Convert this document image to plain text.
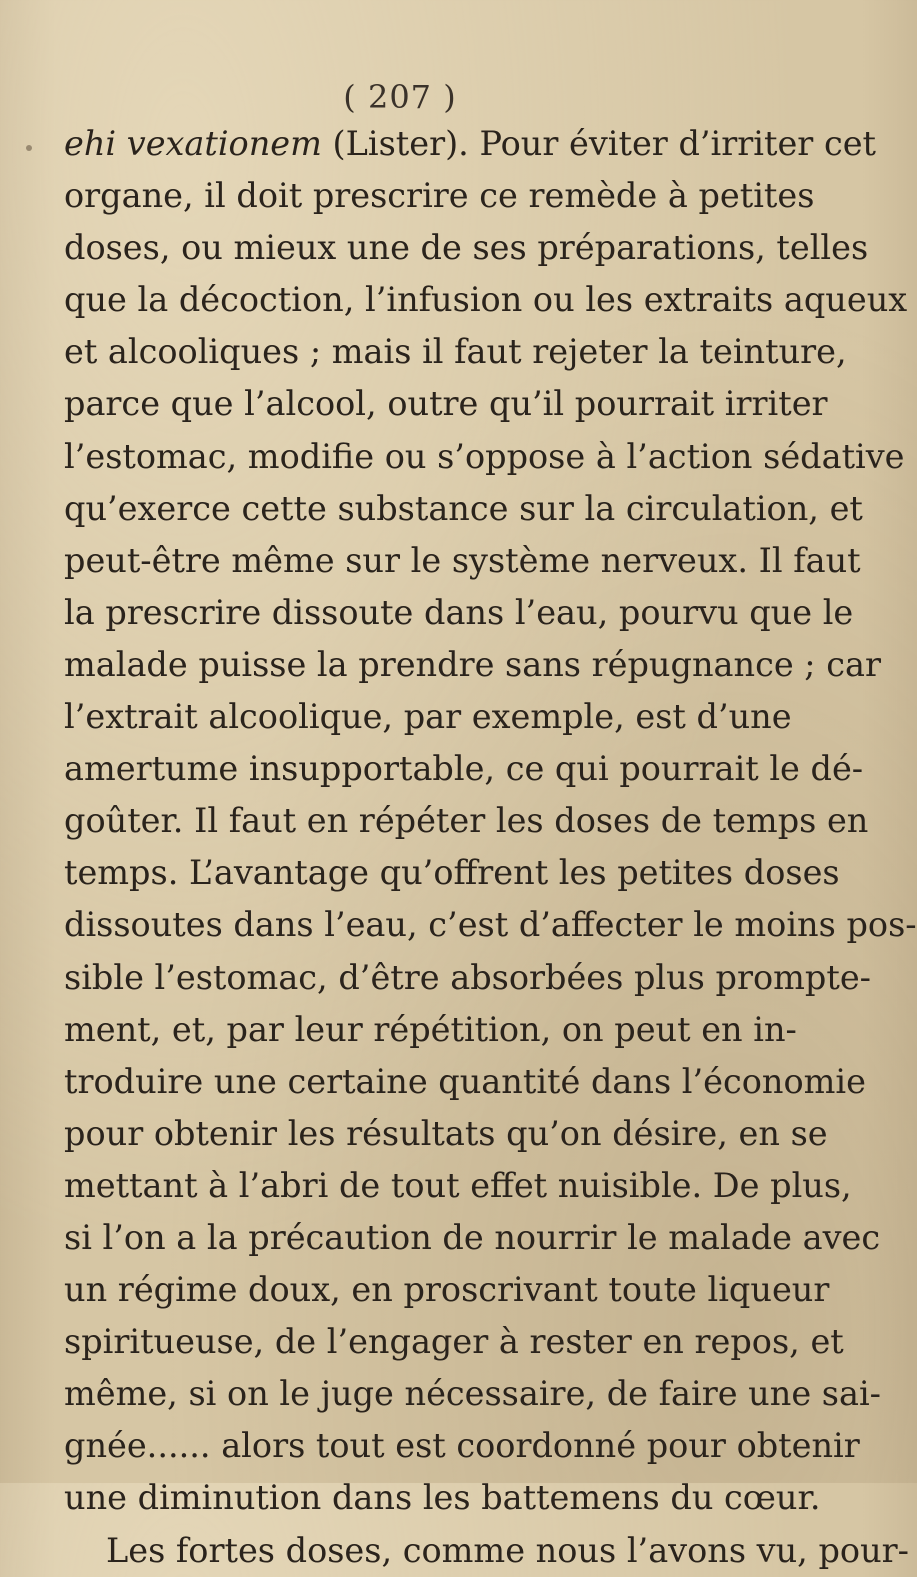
( 207 )
ehi vexationem (Lister). Pour éviter d’irriter cet
organe, il doit prescrire ce remède à petites
doses, ou mieux une de ses préparations, telles
que la décoction, l’infusion ou les extraits aqueux
et alcooliques ; mais il faut rejeter la teinture,
parce que l’alcool, outre qu’il pourrait irriter
l’estomac, modifie ou s’oppose à l’action sédative
qu’exerce cette substance sur la circulation, et
peut-être même sur le système nerveux. Il faut
la prescrire dissoute dans l’eau, pourvu que le
malade puisse la prendre sans répugnance ; car
l’extrait alcoolique, par exemple, est d’une
amertume insupportable, ce qui pourrait le dé-
goûter. Il faut en répéter les doses de temps en
temps. L’avantage qu’offrent les petites doses
dissoutes dans l’eau, c’est d’affecter le moins pos-
sible l’estomac, d’être absorbées plus prompte-
ment, et, par leur répétition, on peut en in-
troduire une certaine quantité dans l’économie
pour obtenir les résultats qu’on désire, en se
mettant à l’abri de tout effet nuisible. De plus,
si l’on a la précaution de nourrir le malade avec
un régime doux, en proscrivant toute liqueur
spiritueuse, de l’engager à rester en repos, et
même, si on le juge nécessaire, de faire une sai-
gnée...... alors tout est coordonné pour obtenir
une diminution dans les battemens du cœur.
Les fortes doses, comme nous l’avons vu, pour-
